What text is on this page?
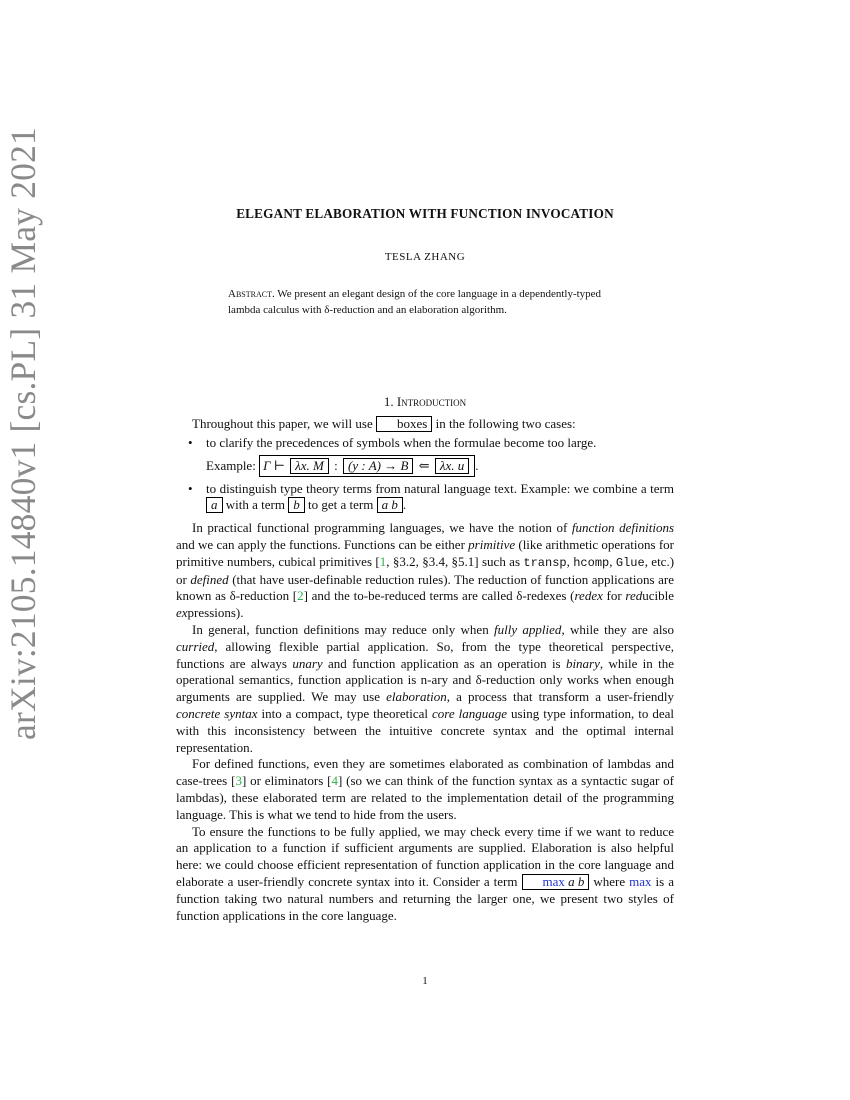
arXiv:2105.14840v1 [cs.PL] 31 May 2021	ELEGANT ELABORATION WITH FUNCTION INVOCATION
TESLA ZHANG
Abstract. We present an elegant design of the core language in a dependently-typed lambda calculus with δ-reduction and an elaboration algorithm.
1. Introduction

Throughout this paper, we will use boxes in the following two cases:

• to clarify the precedences of symbols when the formulae become too large.
Example: Γ ⊢ λx. M : (y : A) → B ⇐ λx. u .
• to distinguish type theory terms from natural language text. Example: we combine a term a with a term b to get a term a b .

In practical functional programming languages, we have the notion of function definitions and we can apply the functions. Functions can be either primitive (like arithmetic operations for primitive numbers, cubical primitives [1, §3.2, §3.4, §5.1] such as transp, hcomp, Glue, etc.) or defined (that have user-definable reduction rules). The reduction of function applications are known as δ-reduction [2] and the to-be-reduced terms are called δ-redexes (redex for reducible expressions).

In general, function definitions may reduce only when fully applied, while they are also curried, allowing flexible partial application. So, from the type theoretical perspective, functions are always unary and function application as an operation is binary, while in the operational semantics, function application is n-ary and δ-reduction only works when enough arguments are supplied. We may use elaboration, a process that transform a user-friendly concrete syntax into a compact, type theoretical core language using type information, to deal with this inconsistency between the intuitive concrete syntax and the optimal internal representation.

For defined functions, even they are sometimes elaborated as combination of lambdas and case-trees [3] or eliminators [4] (so we can think of the function syntax as a syntactic sugar of lambdas), these elaborated term are related to the implementation detail of the programming language. This is what we tend to hide from the users.

To ensure the functions to be fully applied, we may check every time if we want to reduce an application to a function if sufficient arguments are supplied. Elaboration is also helpful here: we could choose efficient representation of function application in the core language and elaborate a user-friendly concrete syntax into it. Consider a term max a b where max is a function taking two natural numbers and returning the larger one, we present two styles of function applications in the core language.

1
